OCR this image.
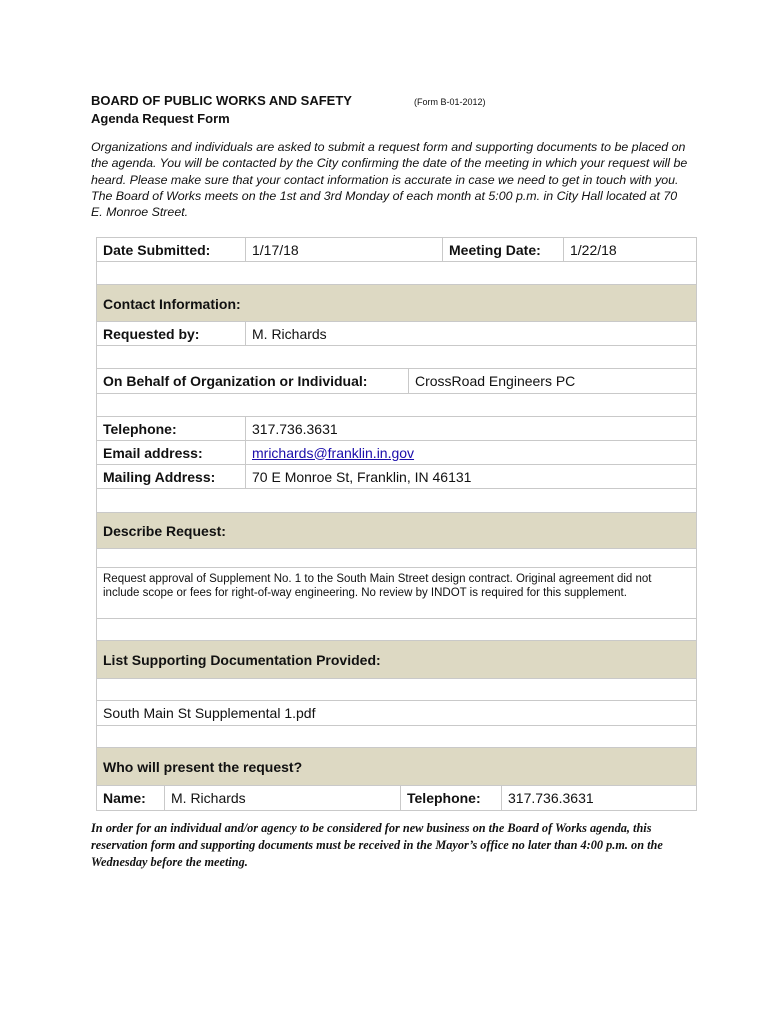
BOARD OF PUBLIC WORKS AND SAFETY	(Form B-01-2012)
Agenda Request Form
Organizations and individuals are asked to submit a request form and supporting documents to be placed on the agenda. You will be contacted by the City confirming the date of the meeting in which your request will be heard. Please make sure that your contact information is accurate in case we need to get in touch with you. The Board of Works meets on the 1st and 3rd Monday of each month at 5:00 p.m. in City Hall located at 70 E. Monroe Street.
Date Submitted:	1/17/18	Meeting Date:	1/22/18
Contact Information:
Requested by:	M. Richards
On Behalf of Organization or Individual:	CrossRoad Engineers PC
Telephone:	317.736.3631
Email address:	mrichards@franklin.in.gov
Mailing Address:	70 E Monroe St, Franklin, IN 46131
Describe Request:
Request approval of Supplement No. 1 to the South Main Street design contract. Original agreement did not include scope or fees for right-of-way engineering. No review by INDOT is required for this supplement.
List Supporting Documentation Provided:
South Main St Supplemental 1.pdf
Who will present the request?
Name:	M. Richards	Telephone:	317.736.3631
In order for an individual and/or agency to be considered for new business on the Board of Works agenda, this reservation form and supporting documents must be received in the Mayor’s office no later than 4:00 p.m. on the Wednesday before the meeting.
